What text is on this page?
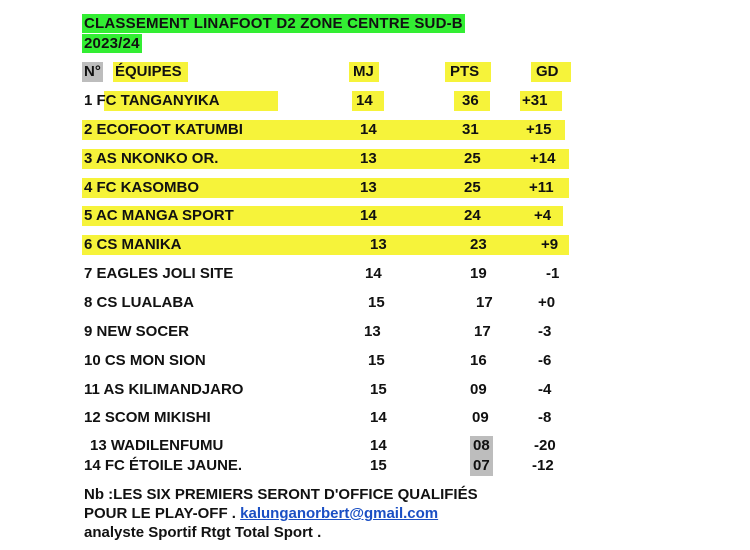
CLASSEMENT LINAFOOT D2 ZONE CENTRE SUD-B
2023/24
N° ÉQUIPES	MJ	PTS	GD
1 FC TANGANYIKA	14	36	+31
2 ECOFOOT KATUMBI	14	31	+15
3 AS NKONKO OR.	13	25	+14
4 FC KASOMBO	13	25	+11
5 AC MANGA SPORT	14	24	+4
6 CS MANIKA	13	23	+9
7 EAGLES JOLI SITE	14	19	-1
8 CS LUALABA	15	17	+0
9 NEW SOCER	13	17	-3
10 CS MON SION	15	16	-6
11 AS KILIMANDJARO	15	09	-4
12 SCOM MIKISHI	14	09	-8
13 WADILENFUMU	14	08	-20
14 FC ÉTOILE JAUNE.	15	07	-12
Nb :LES SIX PREMIERS SERONT D'OFFICE QUALIFIÉS
POUR LE PLAY-OFF . kalunganorbert@gmail.com
analyste Sportif Rtgt Total Sport .
